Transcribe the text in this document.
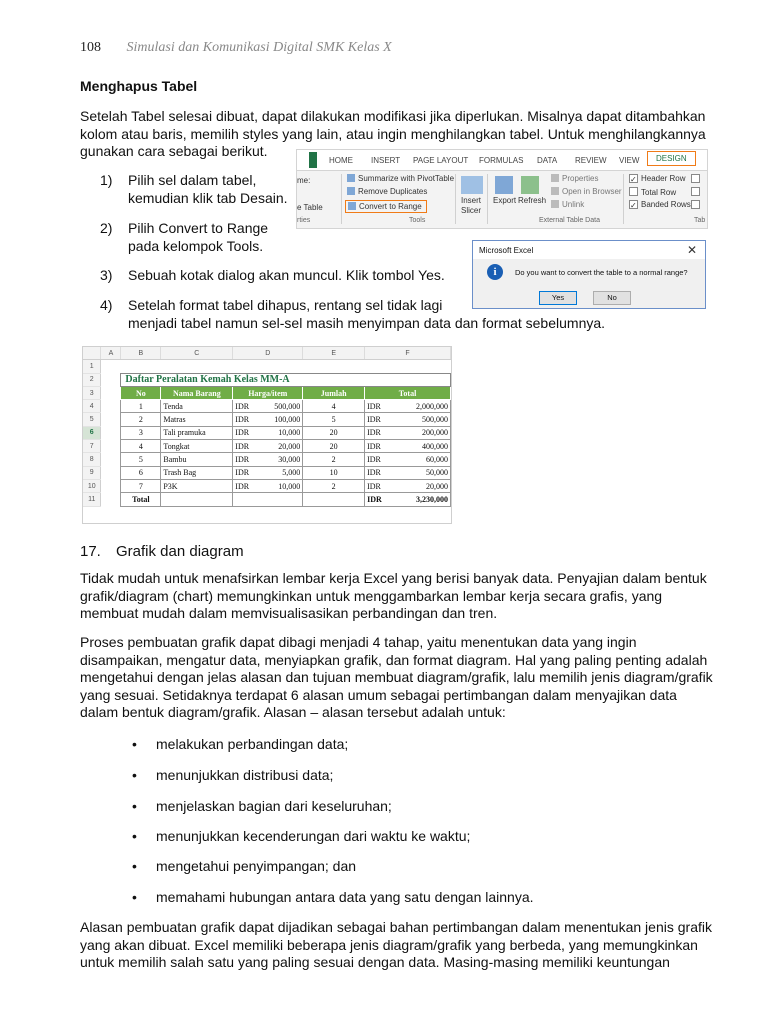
108 Simulasi dan Komunikasi Digital SMK Kelas X
Menghapus Tabel
Setelah Tabel selesai dibuat, dapat dilakukan modifikasi jika diperlukan. Misalnya dapat ditambahkan
kolom atau baris, memilih styles yang lain, atau ingin menghilangkan tabel. Untuk menghilangkannya
gunakan cara sebagai berikut.
1) Pilih sel dalam tabel,
kemudian klik tab Desain.
2) Pilih Convert to Range
pada kelompok Tools.
3) Sebuah kotak dialog akan muncul. Klik tombol Yes.
4) Setelah format tabel dihapus, rentang sel tidak lagi
menjadi tabel namun sel-sel masih menyimpan data dan format sebelumnya.
HOME INSERT PAGE LAYOUT FORMULAS DATA REVIEW VIEW	DESIGN
me:
e Table
rties
Summarize with PivotTable
Remove Duplicates
Convert to Range
Tools
Insert
Slicer
Export Refresh
Properties
Open in Browser
Unlink
External Table Data
✓ Header Row
Total Row
✓ Banded Rows
Tab
Microsoft Excel	✕
i	Do you want to convert the table to a normal range?
Yes	No
	A	B	C	D	E	F
1						
2		Daftar Peralatan Kemah Kelas MM-A				
3		No	Nama Barang	Harga/item	Jumlah	Total
4		1	Tenda	IDR 500,000	4	IDR 2,000,000

5		2	Matras	IDR 100,000	5	IDR 500,000

6		3	Tali pramuka	IDR 10,000	20	IDR 200,000

7		4	Tongkat	IDR 20,000	20	IDR 400,000

8		5	Bambu	IDR 30,000	2	IDR 60,000

9		6	Trash Bag	IDR 5,000	10	IDR 50,000

10		7	P3K	IDR 10,000	2	IDR 20,000

11		Total				IDR 3,230,000
17. Grafik dan diagram
Tidak mudah untuk menafsirkan lembar kerja Excel yang berisi banyak data. Penyajian dalam bentuk
grafik/diagram (chart) memungkinkan untuk menggambarkan lembar kerja secara grafis, yang
membuat mudah dalam memvisualisasikan perbandingan dan tren.
Proses pembuatan grafik dapat dibagi menjadi 4 tahap, yaitu menentukan data yang ingin
disampaikan, mengatur data, menyiapkan grafik, dan format diagram. Hal yang paling penting adalah
mengetahui dengan jelas alasan dan tujuan membuat diagram/grafik, lalu memilih jenis diagram/grafik
yang sesuai. Setidaknya terdapat 6 alasan umum sebagai pertimbangan dalam menyajikan data
dalam bentuk diagram/grafik. Alasan – alasan tersebut adalah untuk:
• melakukan perbandingan data;
• menunjukkan distribusi data;
• menjelaskan bagian dari keseluruhan;
• menunjukkan kecenderungan dari waktu ke waktu;
• mengetahui penyimpangan; dan
• memahami hubungan antara data yang satu dengan lainnya.
Alasan pembuatan grafik dapat dijadikan sebagai bahan pertimbangan dalam menentukan jenis grafik
yang akan dibuat. Excel memiliki beberapa jenis diagram/grafik yang berbeda, yang memungkinkan
untuk memilih salah satu yang paling sesuai dengan data. Masing-masing memiliki keuntungan
